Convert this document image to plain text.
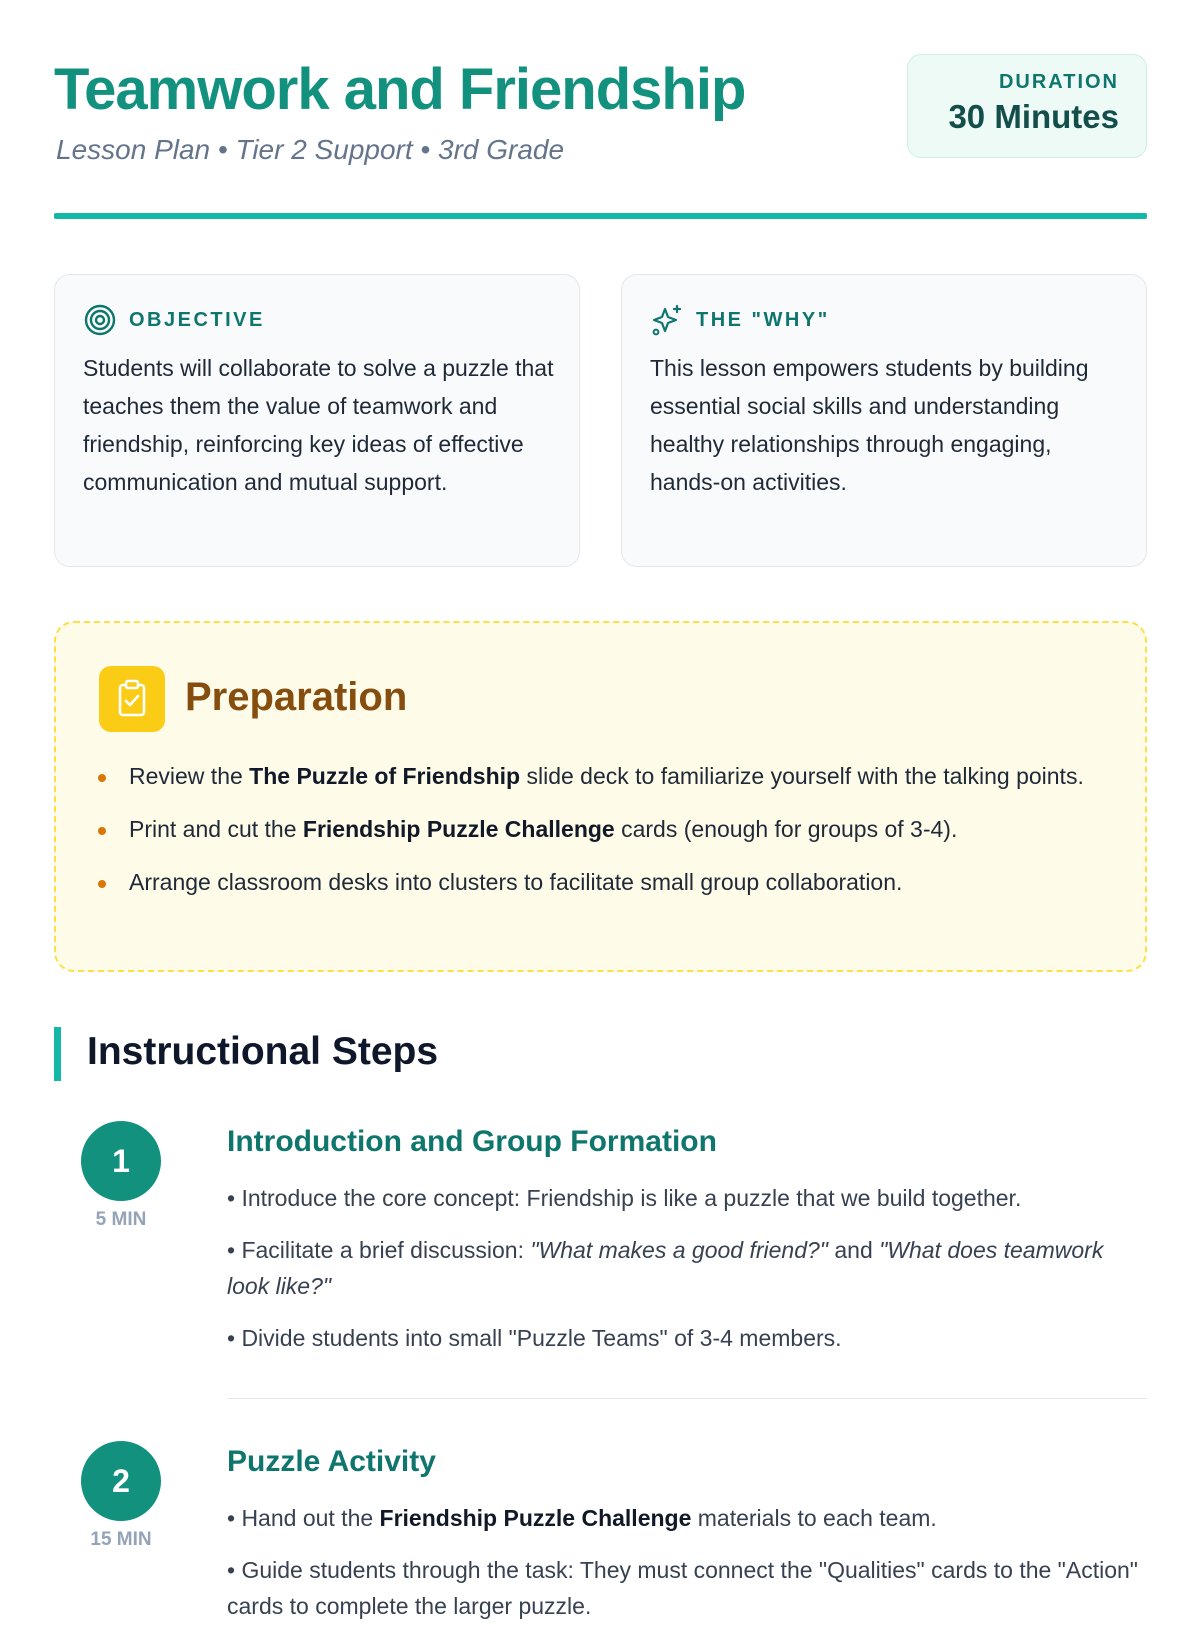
Teamwork and Friendship
Lesson Plan • Tier 2 Support • 3rd Grade
DURATION
30 Minutes
OBJECTIVE

Students will collaborate to solve a puzzle that teaches them the value of teamwork and friendship, reinforcing key ideas of effective communication and mutual support.

THE "WHY"

This lesson empowers students by building essential social skills and understanding healthy relationships through engaging, hands-on activities.

Preparation
Review the The Puzzle of Friendship slide deck to familiarize yourself with the talking points.
Print and cut the Friendship Puzzle Challenge cards (enough for groups of 3-4).
Arrange classroom desks into clusters to facilitate small group collaboration.
Instructional Steps
1
5 MIN
Introduction and Group Formation
• Introduce the core concept: Friendship is like a puzzle that we build together.
• Facilitate a brief discussion: "What makes a good friend?" and "What does teamwork look like?"
• Divide students into small "Puzzle Teams" of 3-4 members.
2
15 MIN
Puzzle Activity
• Hand out the Friendship Puzzle Challenge materials to each team.
• Guide students through the task: They must connect the "Qualities" cards to the "Action" cards to complete the larger puzzle.
